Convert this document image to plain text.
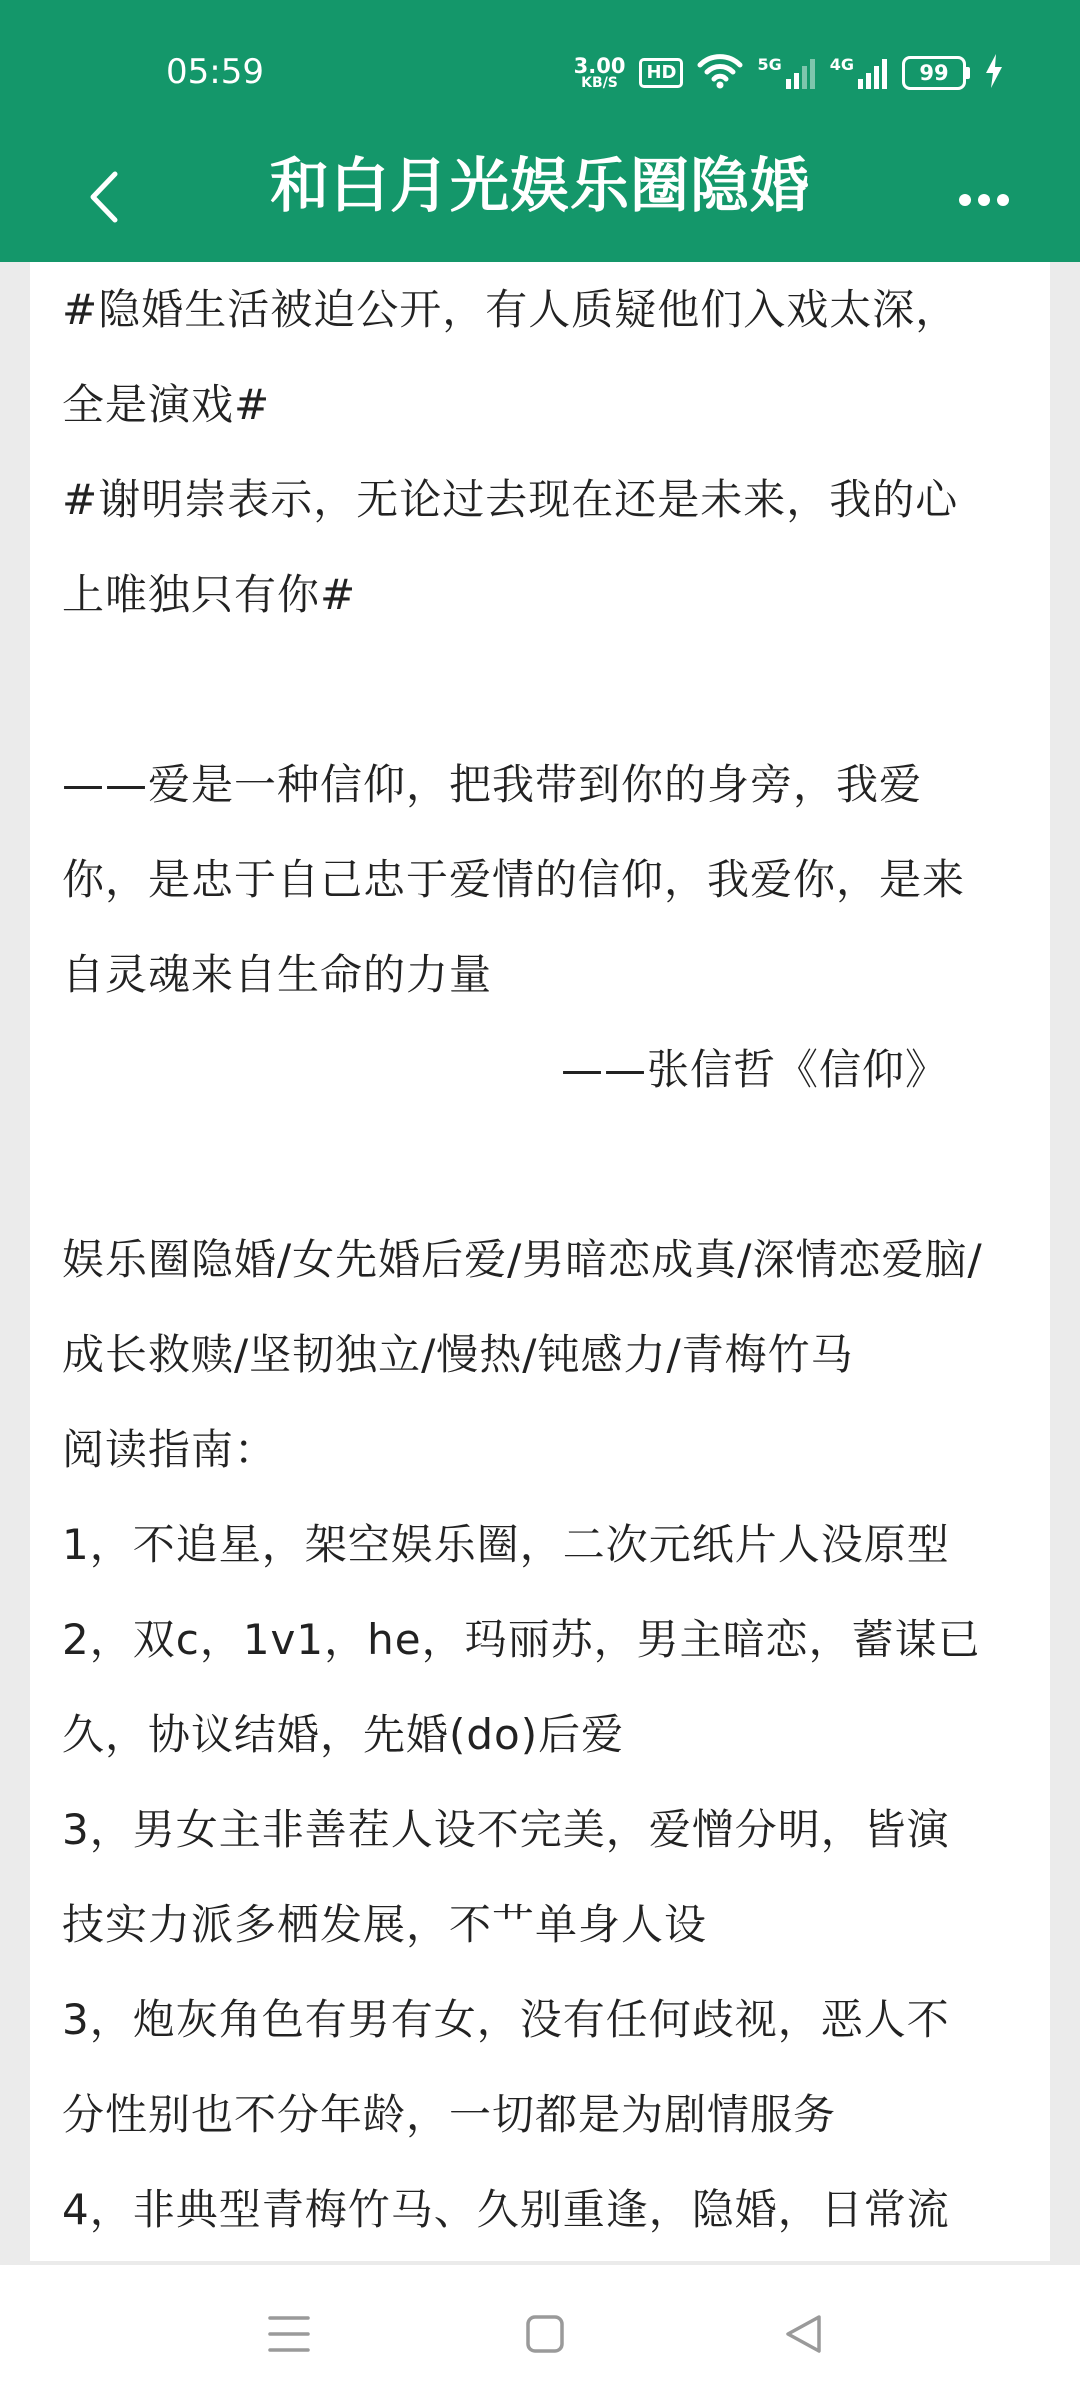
05:59	3.00
KB/S	HD	5G	4G	99
和白月光娱乐圈隐婚

#隐婚生活被迫公开，有人质疑他们入戏太深，

全是演戏#

#谢明崇表示，无论过去现在还是未来，我的心

上唯独只有你#

——爱是一种信仰，把我带到你的身旁，我爱

你，是忠于自己忠于爱情的信仰，我爱你，是来

自灵魂来自生命的力量

——张信哲《信仰》

娱乐圈隐婚/女先婚后爱/男暗恋成真/深情恋爱脑/

成长救赎/坚韧独立/慢热/钝感力/青梅竹马

阅读指南：

1，不追星，架空娱乐圈，二次元纸片人没原型

2，双c，1v1，he，玛丽苏，男主暗恋，蓄谋已

久，协议结婚，先婚(do)后爱

3，男女主非善茬人设不完美，爱憎分明，皆演

技实力派多栖发展，不艹单身人设

3，炮灰角色有男有女，没有任何歧视，恶人不

分性别也不分年龄，一切都是为剧情服务

4，非典型青梅竹马、久别重逢，隐婚，日常流
